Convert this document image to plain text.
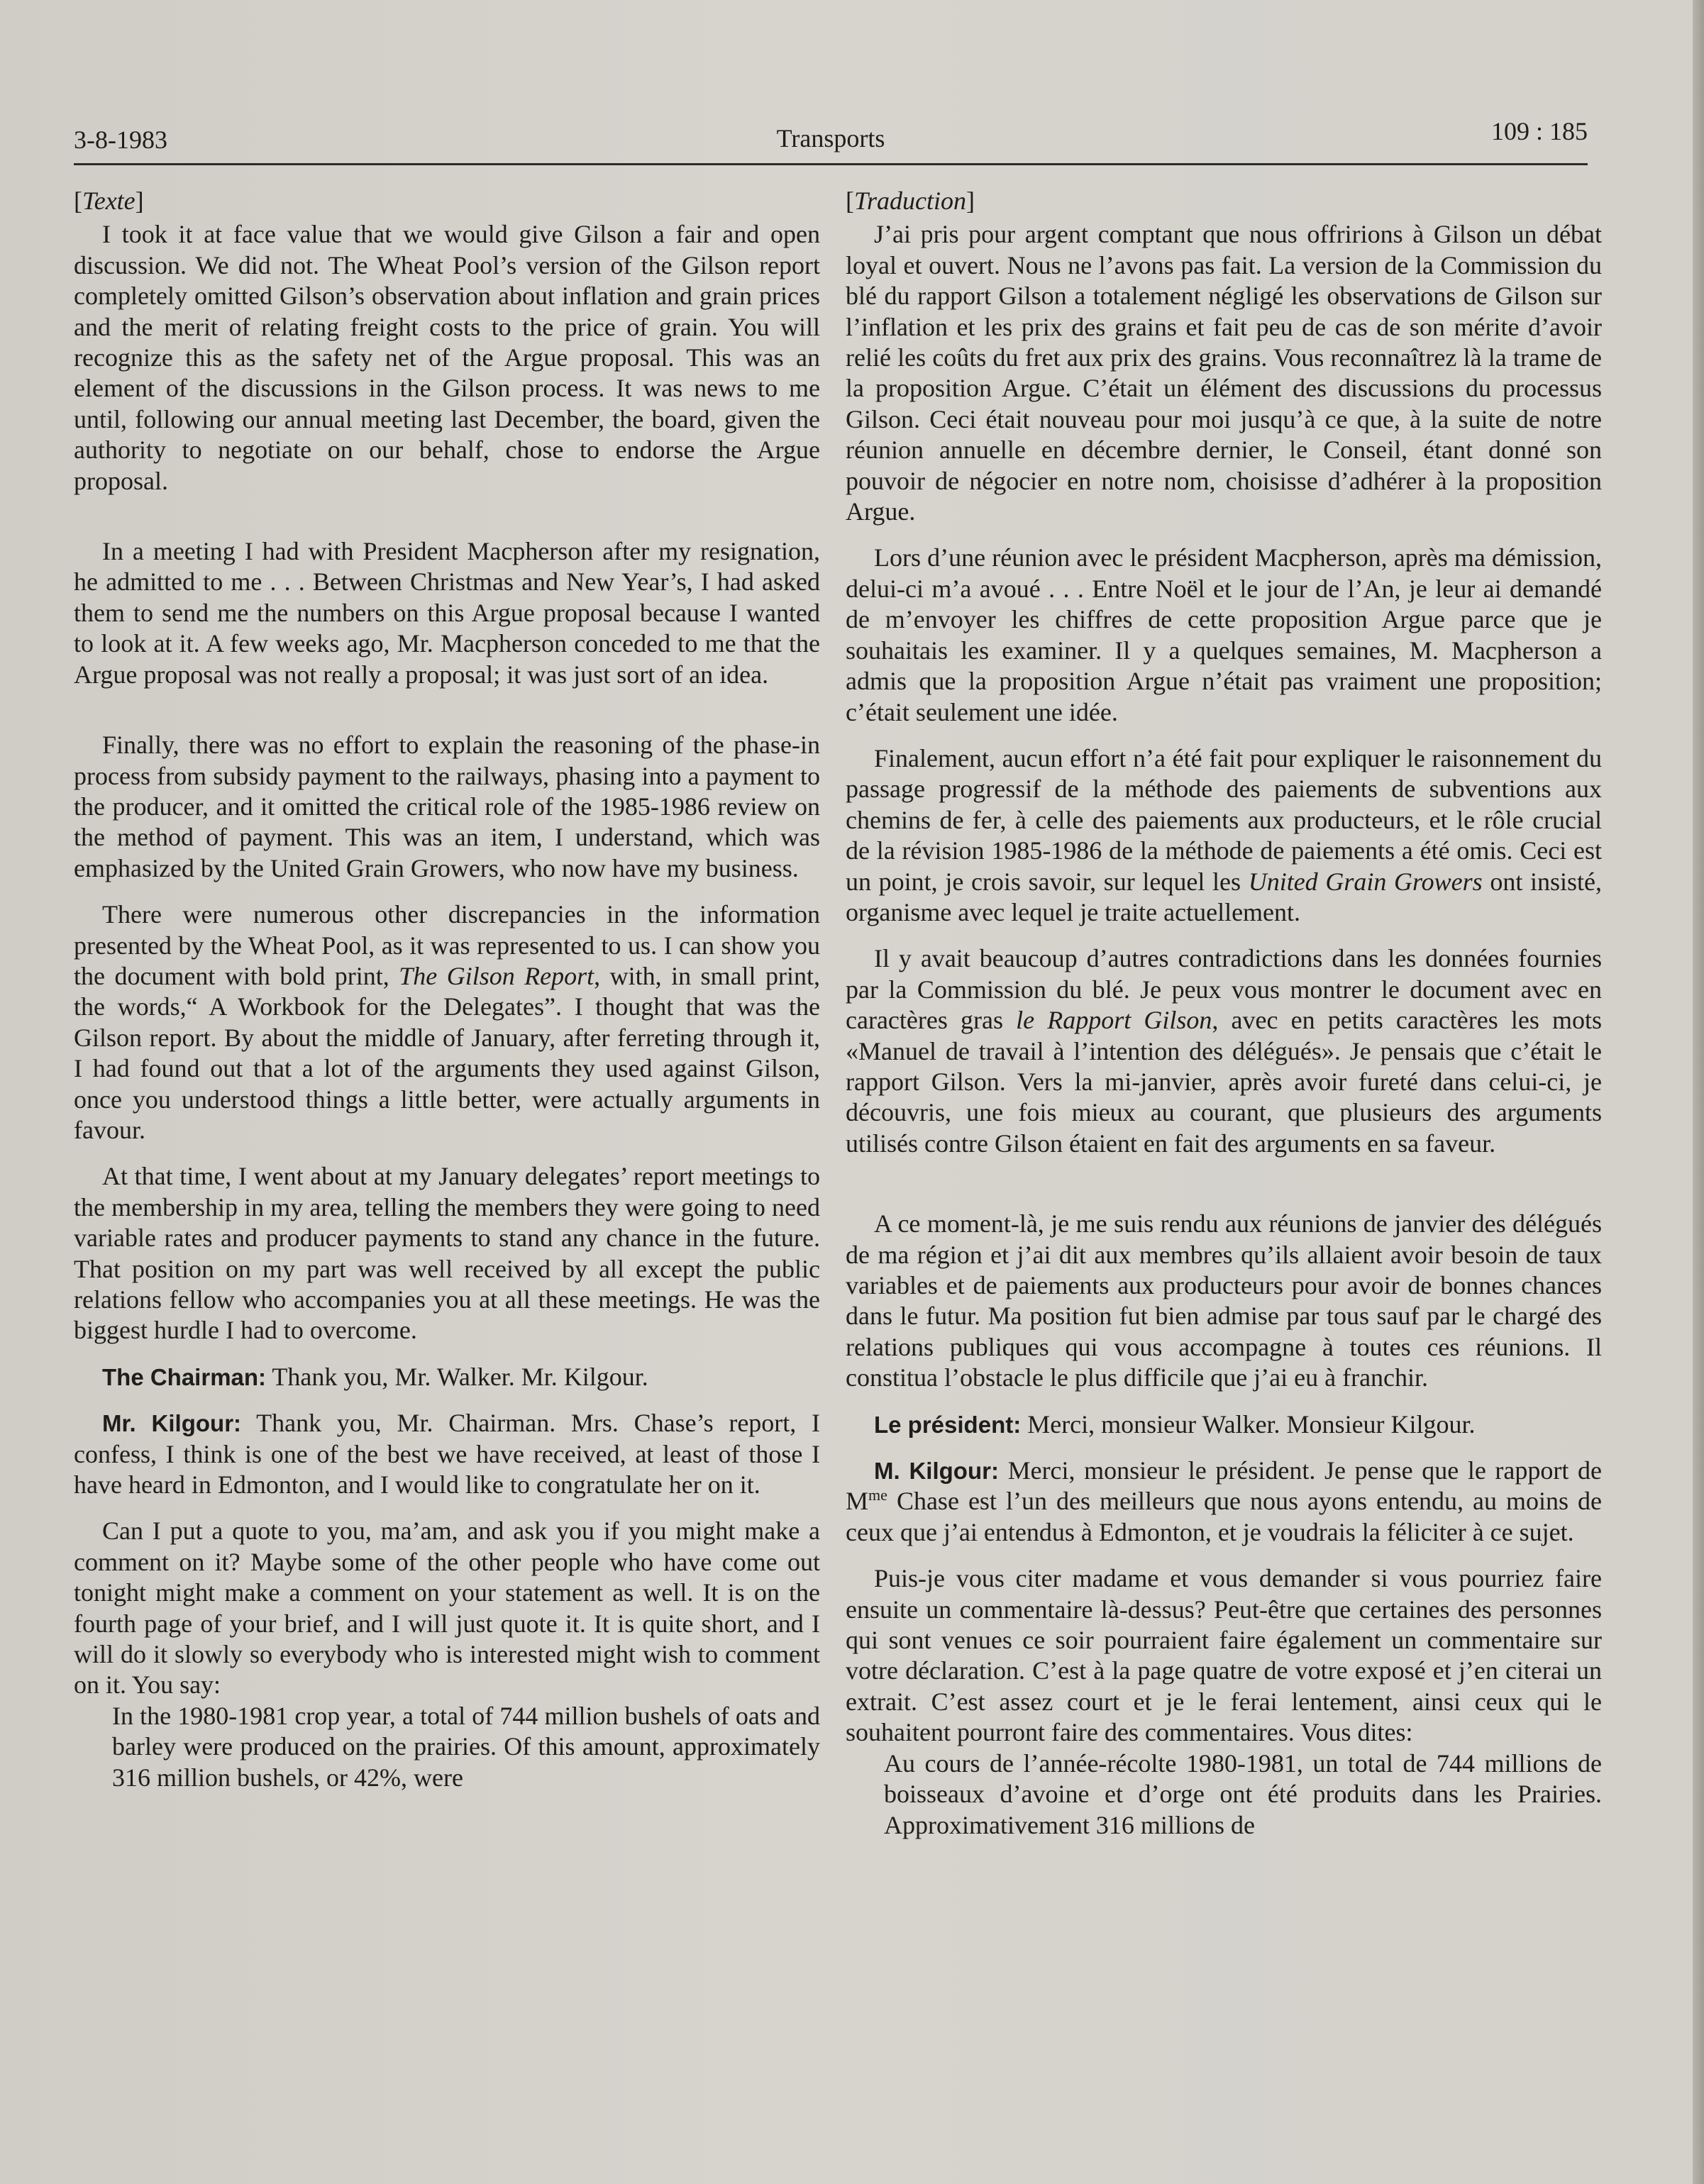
3-8-1983	Transports	109 : 185
[Texte]

I took it at face value that we would give Gilson a fair and open discussion. We did not. The Wheat Pool’s version of the Gilson report completely omitted Gilson’s observation about inflation and grain prices and the merit of relating freight costs to the price of grain. You will recognize this as the safety net of the Argue proposal. This was an element of the discussions in the Gilson process. It was news to me until, following our annual meeting last December, the board, given the authority to negotiate on our behalf, chose to endorse the Argue proposal.

In a meeting I had with President Macpherson after my resignation, he admitted to me . . . Between Christmas and New Year’s, I had asked them to send me the numbers on this Argue proposal because I wanted to look at it. A few weeks ago, Mr. Macpherson conceded to me that the Argue proposal was not really a proposal; it was just sort of an idea.

Finally, there was no effort to explain the reasoning of the phase-in process from subsidy payment to the railways, phasing into a payment to the producer, and it omitted the critical role of the 1985-1986 review on the method of payment. This was an item, I understand, which was emphasized by the United Grain Growers, who now have my business.

There were numerous other discrepancies in the information presented by the Wheat Pool, as it was represented to us. I can show you the document with bold print, The Gilson Report, with, in small print, the words,“ A Workbook for the Delegates”. I thought that was the Gilson report. By about the middle of January, after ferreting through it, I had found out that a lot of the arguments they used against Gilson, once you understood things a little better, were actually arguments in favour.

At that time, I went about at my January delegates’ report meetings to the membership in my area, telling the members they were going to need variable rates and producer payments to stand any chance in the future. That position on my part was well received by all except the public relations fellow who accompanies you at all these meetings. He was the biggest hurdle I had to overcome.

The Chairman: Thank you, Mr. Walker. Mr. Kilgour.

Mr. Kilgour: Thank you, Mr. Chairman. Mrs. Chase’s report, I confess, I think is one of the best we have received, at least of those I have heard in Edmonton, and I would like to congratulate her on it.

Can I put a quote to you, ma’am, and ask you if you might make a comment on it? Maybe some of the other people who have come out tonight might make a comment on your statement as well. It is on the fourth page of your brief, and I will just quote it. It is quite short, and I will do it slowly so everybody who is interested might wish to comment on it. You say:

In the 1980-1981 crop year, a total of 744 million bushels of oats and barley were produced on the prairies. Of this amount, approximately 316 million bushels, or 42%, were

[Traduction]

J’ai pris pour argent comptant que nous offririons à Gilson un débat loyal et ouvert. Nous ne l’avons pas fait. La version de la Commission du blé du rapport Gilson a totalement négligé les observations de Gilson sur l’inflation et les prix des grains et fait peu de cas de son mérite d’avoir relié les coûts du fret aux prix des grains. Vous reconnaîtrez là la trame de la proposition Argue. C’était un élément des discussions du processus Gilson. Ceci était nouveau pour moi jusqu’à ce que, à la suite de notre réunion annuelle en décembre dernier, le Conseil, étant donné son pouvoir de négocier en notre nom, choisisse d’adhérer à la proposition Argue.

Lors d’une réunion avec le président Macpherson, après ma démission, delui-ci m’a avoué . . . Entre Noël et le jour de l’An, je leur ai demandé de m’envoyer les chiffres de cette proposition Argue parce que je souhaitais les examiner. Il y a quelques semaines, M. Macpherson a admis que la proposition Argue n’était pas vraiment une proposition; c’était seulement une idée.

Finalement, aucun effort n’a été fait pour expliquer le raisonnement du passage progressif de la méthode des paiements de subventions aux chemins de fer, à celle des paiements aux producteurs, et le rôle crucial de la révision 1985-1986 de la méthode de paiements a été omis. Ceci est un point, je crois savoir, sur lequel les United Grain Growers ont insisté, organisme avec lequel je traite actuellement.

Il y avait beaucoup d’autres contradictions dans les données fournies par la Commission du blé. Je peux vous montrer le document avec en caractères gras le Rapport Gilson, avec en petits caractères les mots «Manuel de travail à l’intention des délégués». Je pensais que c’était le rapport Gilson. Vers la mi-janvier, après avoir fureté dans celui-ci, je découvris, une fois mieux au courant, que plusieurs des arguments utilisés contre Gilson étaient en fait des arguments en sa faveur.

A ce moment-là, je me suis rendu aux réunions de janvier des délégués de ma région et j’ai dit aux membres qu’ils allaient avoir besoin de taux variables et de paiements aux producteurs pour avoir de bonnes chances dans le futur. Ma position fut bien admise par tous sauf par le chargé des relations publiques qui vous accompagne à toutes ces réunions. Il constitua l’obstacle le plus difficile que j’ai eu à franchir.

Le président: Merci, monsieur Walker. Monsieur Kilgour.

M. Kilgour: Merci, monsieur le président. Je pense que le rapport de $M^{me}$ Chase est l’un des meilleurs que nous ayons entendu, au moins de ceux que j’ai entendus à Edmonton, et je voudrais la féliciter à ce sujet.

Puis-je vous citer madame et vous demander si vous pourriez faire ensuite un commentaire là-dessus? Peut-être que certaines des personnes qui sont venues ce soir pourraient faire également un commentaire sur votre déclaration. C’est à la page quatre de votre exposé et j’en citerai un extrait. C’est assez court et je le ferai lentement, ainsi ceux qui le souhaitent pourront faire des commentaires. Vous dites:

Au cours de l’année-récolte 1980-1981, un total de 744 millions de boisseaux d’avoine et d’orge ont été produits dans les Prairies. Approximativement 316 millions de
